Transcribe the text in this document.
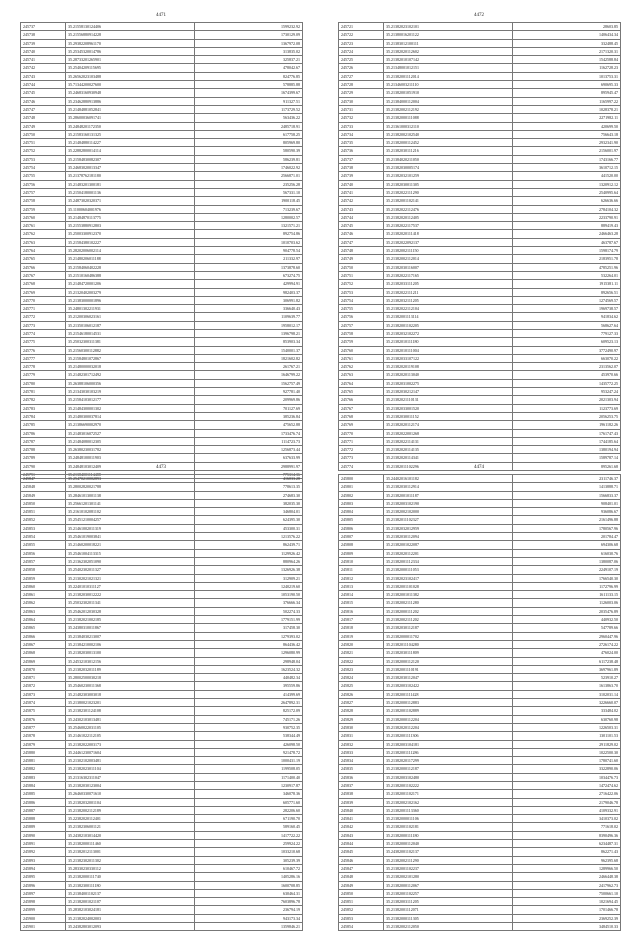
4471
245737	35.21558130124406	1599232.92
245738	35.21556880914228	1730129.09
245739	35.29382208961170	1367972.08
245740	35.25345320014786	313835.02
245741	35.28733201265901	325837.21
245742	35.25404209115695	478042.67
245743	35.26562023103488	824776.85
245744	35.71344200027600	578885.88
245745	35.24683160930948	1674399.67
245746	35.23462880913886	911327.51
245747	35.21484881052841	1173729.52
245748	35.28600036091741	563436.22
245749	35.24848201172350	2485718.91
245750	35.21583160131325	617758.25
245751	35.21484880114227	805969.80
245752	35.22882800014114	580590.39
245753	35.21584830082307	586239.81
245754	35.24683020013347	1746022.92
245755	35.21378762181180	2566871.01
245756	35.21483201300181	235256.28
245757	35.21504180001136	567331.10
245758	35.24873020320371	1900118.45
245759	35.11000604001976	713239.67
245760	35.21484870113775	1280002.57
245761	35.21553880912803	1321571.21
245762	35.25003300912370	892754.86
245763	35.21584380102227	1010703.62
245764	35.28202006002114	904778.54
245765	35.21480206011188	211332.97
245766	35.21584060402228	1373878.60
245767	35.21510160486388	673274.75
245768	35.21484720001206	429994.91
245769	35.21320402003279	982403.37
245770	35.21383000001896	306991.82
245771	35.24801302211931	336640.43
245772	35.21200306023161	1109639.77
245773	35.21350106012187	1958012.17
245774	35.21546180014531	1396798.21
245775	35.25032300311381	853903.34
245776	35.21560300112882	1540001.37
245777	35.21584801072867	1821602.82
245778	35.21480000032018	261767.21
245779	35.21482301712492	1646799.22
245780	35.26388106000356	1562757.49
245781	35.21343030103219	927781.40
245782	35.21584103012177	209969.86
245783	35.21484300001302	701127.69
245784	35.21480300037814	385236.84
245785	35.21386690002970	475652.88
245786	35.21483016072527	1733476.74
245787	35.21484080012305	1114723.73
245788	35.26380230031782	1256873.44
245789	35.24848100011903	637633.99
245790	35.24848103012409	2988991.97
245791	35.21384001114488	775314.36
4472
245721	35.21382023102101	28603.85
245722	35.21380016201122	1406434.34
245723	35.21383012100111	332488.45
245724	35.21382020112602	2171320.31
245725	35.21382010107142	1542588.84
245726	35.21348001012151	1162728.23
245727	35.21382001112014	1013753.31
245728	35.21346003211110	690695.33
245729	35.21382001051910	895945.47
245730	35.21384000112004	1165997.22
245731	35.21382002112192	1028378.21
245732	35.21382000111088	2271982.11
245733	35.21361000312110	420699.50
245734	35.21382002102540	756643.18
245735	35.21382000112452	2932341.90
245736	35.21382030111216	2156001.97
245737	35.21384020211050	1743166.77
245738	35.21382030005174	3610712.15
245739	35.21382032101259	441520.00
245740	35.21382030011305	1320912.12
245741	35.21382022111290	2540995.64
245742	35.21382001102141	626636.66
245743	35.21382022112476	2784104.32
245744	35.21382020112405	2233790.91
245745	35.21382022117537	889419.43
245746	35.21382020111418	2466463.28
245747	35.21382022092137	463787.67
245748	35.21382002111150	1598174.79
245749	35.21382002112014	2183951.78
245750	35.21382030116007	4785251.96
245751	35.21382022117165	532264.01
245752	35.21382033111205	1915381.11
245753	35.21382022111211	892656.51
245754	35.21382032111205	1274569.57
245755	35.21382022112104	1969738.57
245756	35.21382001113114	941834.62
245757	35.21382001102205	568627.64
245758	35.21382032102272	779127.33
245759	35.21382010111180	609523.13
245760	35.21382010111004	3772490.97
245761	35.21382033107122	663070.22
245762	35.21382020119108	2313562.07
245763	35.21382020113040	453970.66
245764	35.21382031002275	1435772.25
245765	35.21382030212147	953247.24
245766	35.21382021110131	2021303.94
245767	35.21382033001520	1123773.69
245768	35.21382030011152	2056253.75
245769	35.21382020112174	1961182.26
245770	35.21382022001268	1761747.43
245771	35.21382022114131	1744185.64
245772	35.21382020114135	1380194.94
245773	35.21382020114341	1589787.14
245774	35.21382011102296	895261.68
4473
245847	35.25470210002893	416033.28
245848	35.28002820021788	778613.35
245849	35.28461013001138	274683.30
245850	35.25661201301141	382035.30
245851	35.21610102081102	346804.01
245852	35.25451210004257	624395.30
245853	35.21461002011319	453300.31
245854	35.25461019003841	1213576.22
245855	35.21460200018221	862439.71
245856	35.25461004113315	1129926.42
245857	35.21362302051090	880964.26
245858	35.25402302011327	1326926.38
245859	35.21302021021321	312909.21
245860	35.22401010311127	1240219.60
245861	35.21382030012222	1053190.50
245862	35.25032302011341	376666.34
245863	35.25462012030328	502274.33
245864	35.21382021002185	1779151.99
245865	35.24380310011867	317458.30
245866	35.21384030213007	1279393.02
245867	35.21384210002106	864436.42
245868	35.21382030013100	1296080.99
245869	35.24532103012156	298948.04
245870	35.21382032011189	1623524.32
245871	35.28002500030218	440482.34
245872	35.25460230011368	395559.86
245873	35.21482303003018	414399.69
245874	35.21380021023201	2647892.31
245875	35.21382301124108	825172.09
245876	35.24302103013481	745171.26
245877	35.25460022031105	930752.35
245878	35.21461022112105	538344.49
245879	35.21382022003173	426098.50
245880	35.24461230071604	921478.72
245881	35.21302102003481	1000431.19
245882	35.21382023011104	1199508.05
245883	35.21316302311047	1171400.40
245884	35.21382030123004	1230917.87
245885	35.26460330071610	346078.36
245886	35.21382032001104	605771.60
245887	35.21382002112189	282206.60
245888	35.22382020112401	671190.70
245889	35.21382306001121	589160.45
245890	35.24382103014420	1417722.22
245891	35.21382000111460	259924.22
245892	35.21382012113001	1033210.68
245893	35.21382302011302	305239.39
245894	35.28330230330112	610467.72
245895	35.21382000111740	1405286.16
245896	35.21382300111180	1600708.85
245897	35.21384001102137	630464.31
245898	35.21382001021107	7603896.78
245899	35.28382103024181	236794.19
245900	35.21382024002003	943173.34
245901	35.24382803012093	1359846.21
4474
245800	35.24402016101182	2311746.37
245801	35.21382030112914	1413888.71
245802	35.21382001011187	1566833.37
245803	35.21382003102190	908401.01
245804	35.21382002102000	936086.67
245805	35.21382011102327	2161496.88
245806	35.21382032012959	1780567.96
245807	35.21382030112094	201784.47
245808	35.21382001022087	694306.68
245809	35.21382020112201	616030.76
245810	35.21382001112334	1380087.06
245811	35.21382000111053	2249107.19
245812	35.21382023102417	1766540.30
245813	35.21382001101028	1172796.99
245814	35.21382001011382	1611133.15
245815	35.21382002111280	1126003.06
245816	35.21382000111202	2035476.89
245817	35.21382002111202	440932.50
245818	35.21382030112187	547789.66
245819	35.21382000011702	2960447.96
245820	35.21382011104280	2726174.22
245821	35.21382030111809	476024.00
245822	35.21382000112120	6117238.48
245823	35.21382001110191	3697961.89
245824	35.21382030112047	523910.27
245825	35.21382003102422	1613863.70
245826	35.21382001111428	3102031.14
245827	35.21382000112883	3226660.07
245828	35.21382001102889	333484.02
245829	35.21382000112204	630760.98
245830	35.21382020112204	1226503.31
245831	35.21382001111306	1301101.53
245832	35.21382003104181	2911829.02
245833	35.21382001111286	1022500.30
245834	35.21382020117299	1780741.60
245835	35.21382000112187	3322890.06
245836	35.21382003102480	1034476.73
245837	35.21382001102222	1472474.62
245838	35.21382001102171	2716422.06
245839	35.21382002102162	2179046.78
245840	35.21382001113360	4109332.91
245841	35.21382000011106	3410373.02
245842	35.21382001102181	771618.02
245843	35.21382000111180	8390496.36
245844	35.21382000112040	6234487.31
245845	35.24382001102137	862271.43
245846	35.21382002111290	962395.68
245847	35.21382001102237	1289966.50
245848	35.21382002101280	2466448.38
245849	35.21382000112067	2417962.73
245850	35.21382001102257	7500661.10
245851	35.21382003111205	1021694.45
245852	35.21382001112071	1701466.78
245853	35.21382000111305	2369252.39
245854	35.21382002112050	3484510.33
